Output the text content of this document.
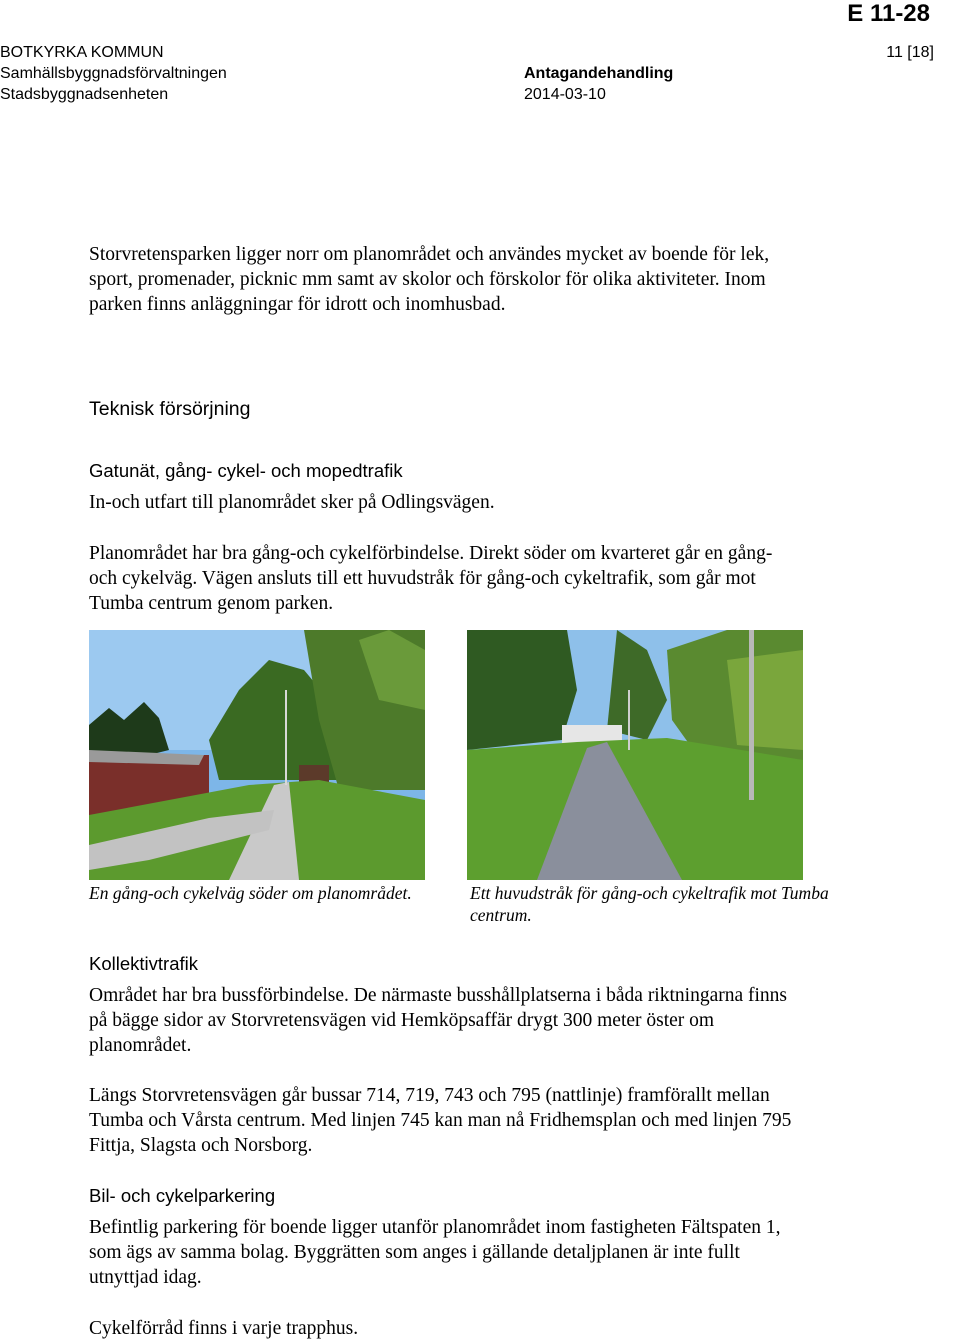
E 11-28
BOTKYRKA KOMMUN
Samhällsbyggnadsförvaltningen
Stadsbyggnadsenheten
Antagandehandling
2014-03-10
11 [18]
Storvretensparken ligger norr om planområdet och användes mycket av boende för lek, sport, promenader, picknic mm samt av skolor och förskolor för olika aktiviteter. Inom parken finns anläggningar för idrott och inomhusbad.
Teknisk försörjning
Gatunät, gång- cykel- och mopedtrafik
In-och utfart till planområdet sker på Odlingsvägen.
Planområdet har bra gång-och cykelförbindelse. Direkt söder om kvarteret går en gång-och cykelväg. Vägen ansluts till ett huvudstråk för gång-och cykeltrafik, som går mot Tumba centrum genom parken.
En gång-och cykelväg söder om planområdet.	Ett huvudstråk för gång-och cykeltrafik mot Tumba centrum.
Kollektivtrafik
Området har bra bussförbindelse. De närmaste busshållplatserna i båda riktningarna finns på bägge sidor av Storvretensvägen vid Hemköpsaffär drygt 300 meter öster om planområdet.
Längs Storvretensvägen går bussar 714, 719, 743 och 795 (nattlinje) framförallt mellan Tumba och Vårsta centrum. Med linjen 745 kan man nå Fridhemsplan och med linjen 795 Fittja, Slagsta och Norsborg.
Bil- och cykelparkering
Befintlig parkering för boende ligger utanför planområdet inom fastigheten Fältspaten 1, som ägs av samma bolag. Byggrätten som anges i gällande detaljplanen är inte fullt utnyttjad idag.
Cykelförråd finns i varje trapphus.
